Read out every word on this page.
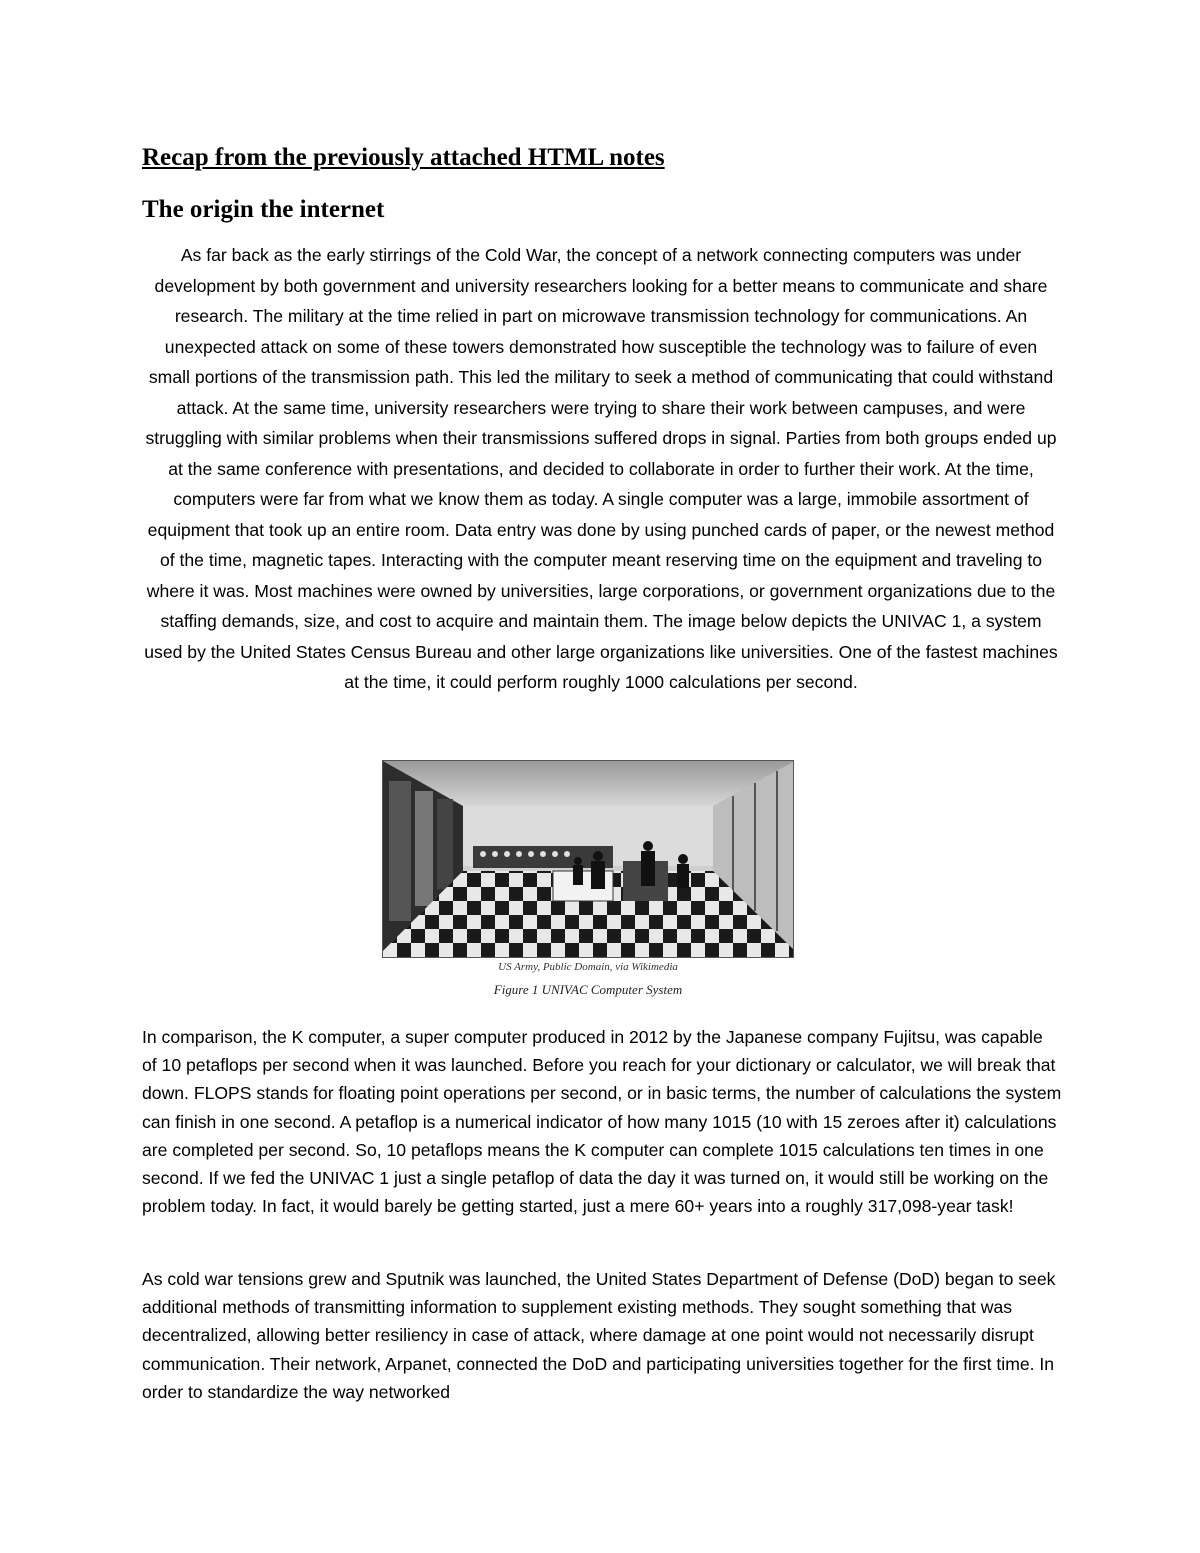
Recap from the previously attached HTML notes
The origin the internet

As far back as the early stirrings of the Cold War, the concept of a network connecting computers was under development by both government and university researchers looking for a better means to communicate and share research. The military at the time relied in part on microwave transmission technology for communications. An unexpected attack on some of these towers demonstrated how susceptible the technology was to failure of even small portions of the transmission path. This led the military to seek a method of communicating that could withstand attack. At the same time, university researchers were trying to share their work between campuses, and were struggling with similar problems when their transmissions suffered drops in signal. Parties from both groups ended up at the same conference with presentations, and decided to collaborate in order to further their work. At the time, computers were far from what we know them as today. A single computer was a large, immobile assortment of equipment that took up an entire room. Data entry was done by using punched cards of paper, or the newest method of the time, magnetic tapes. Interacting with the computer meant reserving time on the equipment and traveling to where it was. Most machines were owned by universities, large corporations, or government organizations due to the staffing demands, size, and cost to acquire and maintain them. The image below depicts the UNIVAC 1, a system used by the United States Census Bureau and other large organizations like universities. One of the fastest machines at the time, it could perform roughly 1000 calculations per second.

US Army, Public Domain, via Wikimedia

Figure 1 UNIVAC Computer System

In comparison, the K computer, a super computer produced in 2012 by the Japanese company Fujitsu, was capable of 10 petaflops per second when it was launched. Before you reach for your dictionary or calculator, we will break that down. FLOPS stands for floating point operations per second, or in basic terms, the number of calculations the system can finish in one second. A petaflop is a numerical indicator of how many 1015 (10 with 15 zeroes after it) calculations are completed per second. So, 10 petaflops means the K computer can complete 1015 calculations ten times in one second. If we fed the UNIVAC 1 just a single petaflop of data the day it was turned on, it would still be working on the problem today. In fact, it would barely be getting started, just a mere 60+ years into a roughly 317,098-year task!

As cold war tensions grew and Sputnik was launched, the United States Department of Defense (DoD) began to seek additional methods of transmitting information to supplement existing methods. They sought something that was decentralized, allowing better resiliency in case of attack, where damage at one point would not necessarily disrupt communication. Their network, Arpanet, connected the DoD and participating universities together for the first time. In order to standardize the way networked
